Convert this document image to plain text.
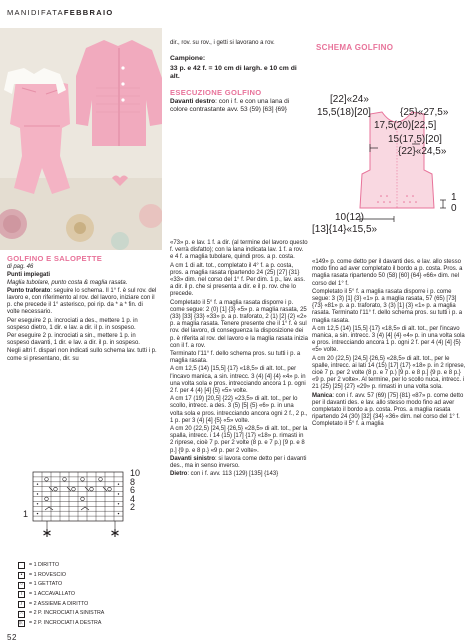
MANIDIFATAFEBBRAIO
GOLFINO E SALOPETTE

di pag. 46

Punti impiegati

Maglia tubolare, punto costa & maglia rasata.

Punto traforato: seguire lo schema. Il 1° f. è sul rov. del lavoro e, con riferimento al rov. del lavoro, iniziare con il p. che precede il 1° asterisco, poi rip. da * a * fin. di volte necessario.

Per eseguire 2 p. incrociati a des., mettere 1 p. in sospeso dietro, 1 dir. e lav. a dir. il p. in sospeso.

Per eseguire 2 p. incrociati a sin., mettere 1 p. in sospeso davanti, 1 dir. e lav. a dir. il p. in sospeso.

Negli altri f. dispari non indicati sullo schema lav. tutti i p. come si presentano, dir. su

10
8
6
4
2
1
= 1 DIRITTO
•	= 1 ROVESCIO
○	= 1 GETTATO
\	= 1 ACCAVALLATO
/	= 2 ASSIEME A DIRITTO
⤫ = 2 P. INCROCIATI A SINISTRA
⤪ = 2 P. INCROCIATI A DESTRA

dir., rov. su rov., i getti si lavorano a rov.

Campione:

33 p. e 42 f. = 10 cm di largh. e 10 cm di alt.

ESECUZIONE GOLFINO

Davanti destro: con i f. e con una lana di colore contrastante avv. 53 (59) [63] {69}

«73» p. e lav. 1 f. a dir. (al termine del lavoro questo f. verrà disfatto); con la lana indicata lav. 1 f. a rov. e 4 f. a maglia tubolare, quindi pros. a p. costa.

A cm 1 di alt. tot., completato il 4° f. a p. costa, pros. a maglia rasata ripartendo 24 (25) [27] {31} «33» dim. nel corso del 1° f. Per dim. 1 p., lav. ass. a dir. il p. che si presenta a dir. e il p. rov. che lo precede.

Completato il 5° f. a maglia rasata disporre i p. come segue: 2 (0) [1] {3} «5» p. a maglia rasata, 25 (33) [33] {33} «33» p. a p. traforato, 2 (1) [2] {2} «2» p. a maglia rasata. Tenere presente che il 1° f. è sul rov. del lavoro, di conseguenza la disposizione dei p. è riferita al rov. del lavoro e la maglia rasata inizia con il f. a rov.

Terminato l'11° f. dello schema pros. su tutti i p. a maglia rasata.

A cm 12,5 (14) [15,5] {17} «18,5» di alt. tot., per l'incavo manica, a sin. intrecc. 3 (4) [4] {4} «4» p. in una volta sola e pros. intrecciando ancora 1 p. ogni 2 f. per 4 (4) [4] {5} «5» volte.

A cm 17 (19) [20,5] {22} «23,5» di alt. tot., per lo scollo, intrecc. a des. 3 (5) [5] {5} «6» p. in una volta sola e pros. intrecciando ancora ogni 2 f., 2 p., 1 p. per 3 (4) [4] {5} «5» volte.

A cm 20 (22,5) [24,5] {26,5} «28,5» di alt. tot., per la spalla, intrecc. i 14 (15) [17] {17} «18» p. rimasti in 2 riprese, cioè 7 p. per 2 volte (8 p. e 7 p.) [9 p. e 8 p.] {9 p. e 8 p.} «9 p. per 2 volte».

Davanti sinistro: si lavora come detto per i davanti des., ma in senso inverso.

Dietro: con i f. avv. 113 (129) [135] {143}

SCHEMA GOLFINO
[22]«24»
15,5(18)[20]	{25}«27,5»
17,5(20)[22,5]
15(17,5)[20]
{22}«24,5»
1
0
10(12)
[13]{14}«15,5»

«149» p. come detto per il davanti des. e lav. allo stesso modo fino ad aver completato il bordo a p. costa. Pros. a maglia rasata ripartendo 50 (58) [60] {64} «66» dim. nel corso del 1° f.

Completato il 5° f. a maglia rasata disporre i p. come segue: 3 (3) [1] {3} «1» p. a maglia rasata, 57 (65) [73] {73} «81» p. a p. traforato, 3 (3) [1] {3} «1» p. a maglia rasata. Terminato l'11° f. dello schema pros. su tutti i p. a maglia rasata.

A cm 12,5 (14) [15,5] {17} «18,5» di alt. tot., per l'incavo manica, a sin. intrecc. 3 (4) [4] {4} «4» p. in una volta sola e pros. intrecciando ancora 1 p. ogni 2 f. per 4 (4) [4] {5} «5» volte.

A cm 20 (22,5) [24,5] {26,5} «28,5» di alt. tot., per le spalle, intrecc. ai lati 14 (15) [17] {17} «18» p. in 2 riprese, cioè 7 p. per 2 volte (8 p. e 7 p.) [9 p. e 8 p.] {9 p. e 8 p.} «9 p. per 2 volte». Al termine, per lo scollo nuca, intrecc. i 21 (25) [25] {27} «29» p. rimasti in una volta sola.

Manica: con i f. avv. 57 (69) [75] {81} «87» p. come detto per il davanti des. e lav. allo stesso modo fino ad aver completato il bordo a p. costa. Pros. a maglia rasata ripartendo 24 (30) [32] {34} «36» dim. nel corso del 1° f. Completato il 5° f. a maglia

52
